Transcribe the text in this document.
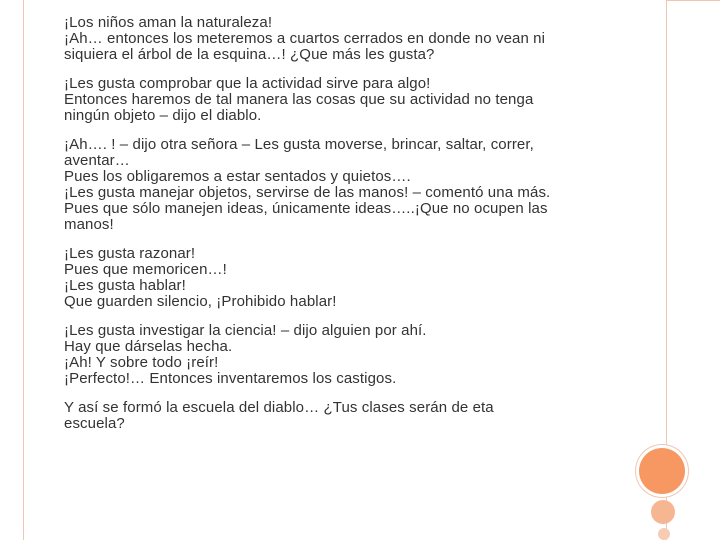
¡Los niños aman la naturaleza!
¡Ah… entonces los meteremos a cuartos cerrados en donde no vean ni
siquiera el árbol de la esquina…! ¿Que más les gusta?

¡Les gusta comprobar que la actividad sirve para algo!
Entonces haremos de tal manera las cosas que su actividad no tenga
ningún objeto – dijo el diablo.

¡Ah…. ! – dijo otra señora – Les gusta moverse, brincar, saltar, correr,
aventar…
Pues los obligaremos a estar sentados y quietos….
¡Les gusta manejar objetos, servirse de las manos! – comentó una más.
Pues que sólo manejen ideas, únicamente ideas…..¡Que no ocupen las
manos!

¡Les gusta razonar!
Pues que memoricen…!
¡Les gusta hablar!
Que guarden silencio, ¡Prohibido hablar!

¡Les gusta investigar la ciencia! – dijo alguien por ahí.
Hay que dárselas hecha.
¡Ah! Y sobre todo ¡reír!
¡Perfecto!… Entonces inventaremos los castigos.

Y así se formó la escuela del diablo… ¿Tus clases serán de eta
escuela?
